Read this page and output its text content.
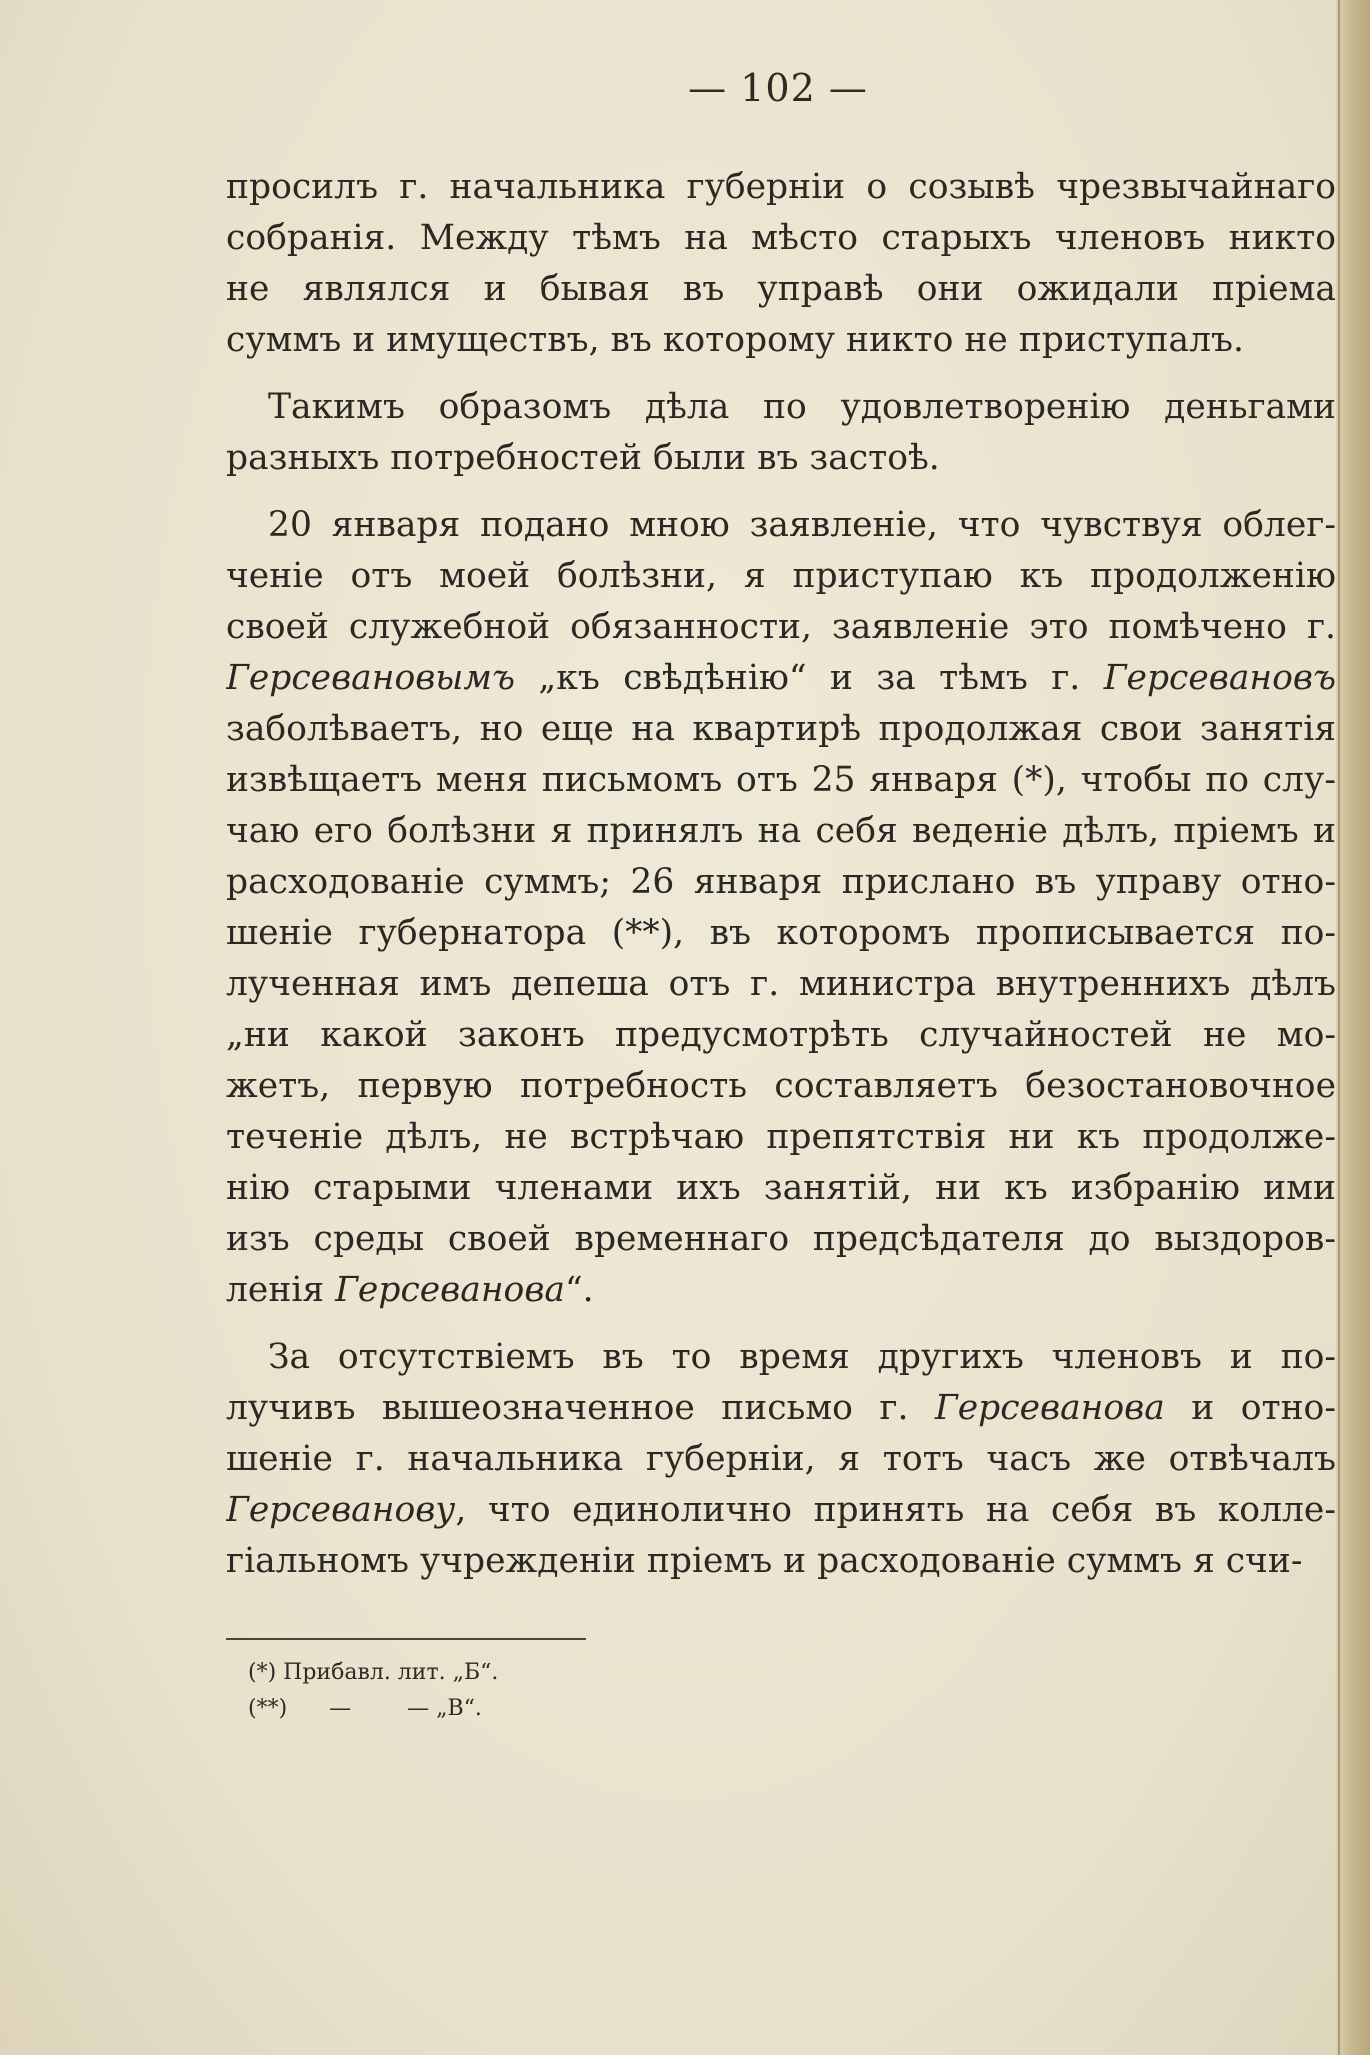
— 102 —

просилъ г. начальника губерніи о созывѣ чрезвычайнаго
собранія. Между тѣмъ на мѣсто старыхъ членовъ никто
не являлся и бывая въ управѣ они ожидали пріема
суммъ и имуществъ, въ которому никто не приступалъ.

Такимъ образомъ дѣла по удовлетворенію деньгами
разныхъ потребностей были въ застоѣ.

20 января подано мною заявленіе, что чувствуя облег-
ченіе отъ моей болѣзни, я приступаю къ продолженію
своей служебной обязанности, заявленіе это помѣчено г.
Герсевановымъ „къ свѣдѣнію“ и за тѣмъ г. Герсевановъ
заболѣваетъ, но еще на квартирѣ продолжая свои занятія
извѣщаетъ меня письмомъ отъ 25 января (*), чтобы по слу-
чаю его болѣзни я принялъ на себя веденіе дѣлъ, пріемъ и
расходованіе суммъ; 26 января прислано въ управу отно-
шеніе губернатора (**), въ которомъ прописывается по-
лученная имъ депеша отъ г. министра внутреннихъ дѣлъ
„ни какой законъ предусмотрѣть случайностей не мо-
жетъ, первую потребность составляетъ безостановочное
теченіе дѣлъ, не встрѣчаю препятствія ни къ продолже-
нію старыми членами ихъ занятій, ни къ избранію ими
изъ среды своей временнаго предсѣдателя до выздоров-
ленія Герсеванова“.

За отсутствіемъ въ то время другихъ членовъ и по-
лучивъ вышеозначенное письмо г. Герсеванова и отно-
шеніе г. начальника губерніи, я тотъ часъ же отвѣчалъ
Герсеванову, что единолично принять на себя въ колле-
гіальномъ учрежденіи пріемъ и расходованіе суммъ я счи-

(*) Прибавл. лит. „Б“.
(**)      —        — „В“.
